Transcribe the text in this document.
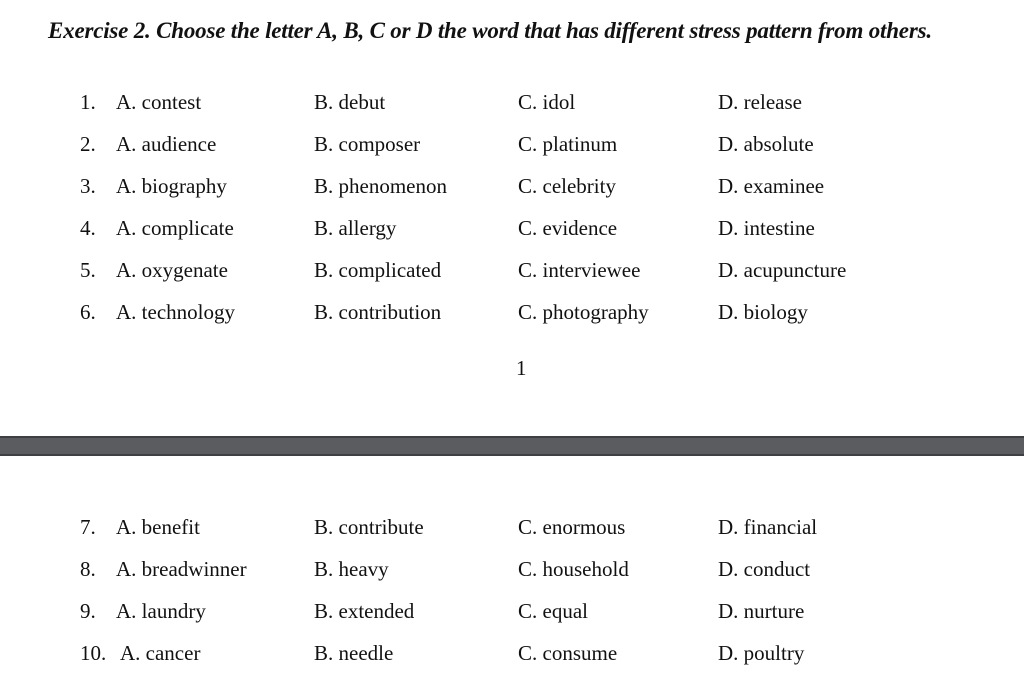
Exercise 2. Choose the letter A, B, C or D the word that has different stress pattern from others.
1. A. contest	B. debut	C. idol	D. release
2. A. audience	B. composer	C. platinum	D. absolute
3. A. biography	B. phenomenon	C. celebrity	D. examinee
4. A. complicate	B. allergy	C. evidence	D. intestine
5. A. oxygenate	B. complicated	C. interviewee	D. acupuncture
6. A. technology	B. contribution	C. photography	D. biology
1
7. A. benefit	B. contribute	C. enormous	D. financial
8. A. breadwinner	B. heavy	C. household	D. conduct
9. A. laundry	B. extended	C. equal	D. nurture
10. A. cancer	B. needle	C. consume	D. poultry
